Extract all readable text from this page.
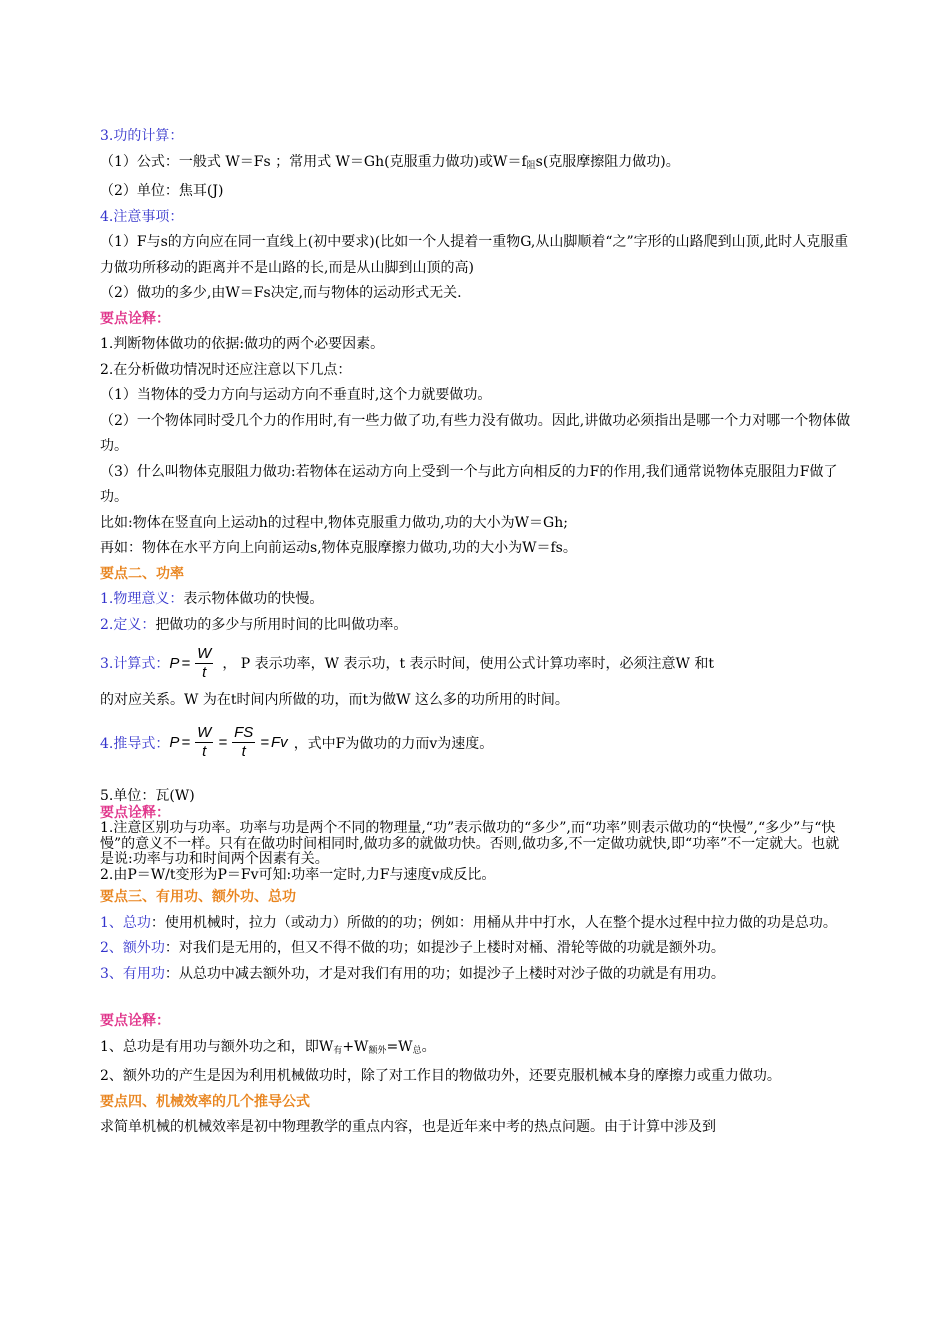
3.功的计算：
（1）公式：一般式 W＝Fs ；常用式 W＝Gh(克服重力做功)或$W=f_阻s$(克服摩擦阻力做功)。
（2）单位：焦耳(J)
4.注意事项：
（1）F与s的方向应在同一直线上(初中要求)(比如一个人提着一重物G,从山脚顺着“之”字形的山路爬到山顶,此时人克服重力做功所移动的距离并不是山路的长,而是从山脚到山顶的高)
（2）做功的多少,由W＝Fs决定,而与物体的运动形式无关.
要点诠释：
1.判断物体做功的依据:做功的两个必要因素。
2.在分析做功情况时还应注意以下几点：
（1）当物体的受力方向与运动方向不垂直时,这个力就要做功。
（2）一个物体同时受几个力的作用时,有一些力做了功,有些力没有做功。因此,讲做功必须指出是哪一个力对哪一个物体做功。
（3）什么叫物体克服阻力做功:若物体在运动方向上受到一个与此方向相反的力F的作用,我们通常说物体克服阻力F做了功。
比如:物体在竖直向上运动h的过程中,物体克服重力做功,功的大小为W＝Gh;
再如：物体在水平方向上向前运动s,物体克服摩擦力做功,功的大小为W＝fs。
要点二、功率
1.物理意义：表示物体做功的快慢。
2.定义：把做功的多少与所用时间的比叫做功率。
3.计算式： $P = \frac{W}{t}$ ， P 表示功率，W 表示功，t 表示时间，使用公式计算功率时，必须注意W 和t
的对应关系。W 为在t时间内所做的功，而t为做W 这么多的功所用的时间。
4.推导式： $P = \frac{W}{t} = \frac{FS}{t} = Fv$ ，式中F为做功的力而v为速度。
5.单位：瓦(W)
要点诠释：
1.注意区别功与功率。功率与功是两个不同的物理量,“功”表示做功的“多少”,而“功率”则表示做功的“快慢”,“多少”与“快慢”的意义不一样。只有在做功时间相同时,做功多的就做功快。否则,做功多,不一定做功就快,即“功率”不一定就大。也就是说:功率与功和时间两个因素有关。
2.由P＝W/t变形为P＝Fv可知:功率一定时,力F与速度v成反比。
要点三、有用功、额外功、总功
1、总功：使用机械时，拉力（或动力）所做的的功；例如：用桶从井中打水，人在整个提水过程中拉力做的功是总功。
2、额外功：对我们是无用的，但又不得不做的功；如提沙子上楼时对桶、滑轮等做的功就是额外功。
3、有用功：从总功中减去额外功，才是对我们有用的功；如提沙子上楼时对沙子做的功就是有用功。
要点诠释：
1、总功是有用功与额外功之和，即$W_有+W_{额外}=W_总$。
2、额外功的产生是因为利用机械做功时，除了对工作目的物做功外，还要克服机械本身的摩擦力或重力做功。
要点四、机械效率的几个推导公式
求简单机械的机械效率是初中物理教学的重点内容，也是近年来中考的热点问题。由于计算中涉及到
